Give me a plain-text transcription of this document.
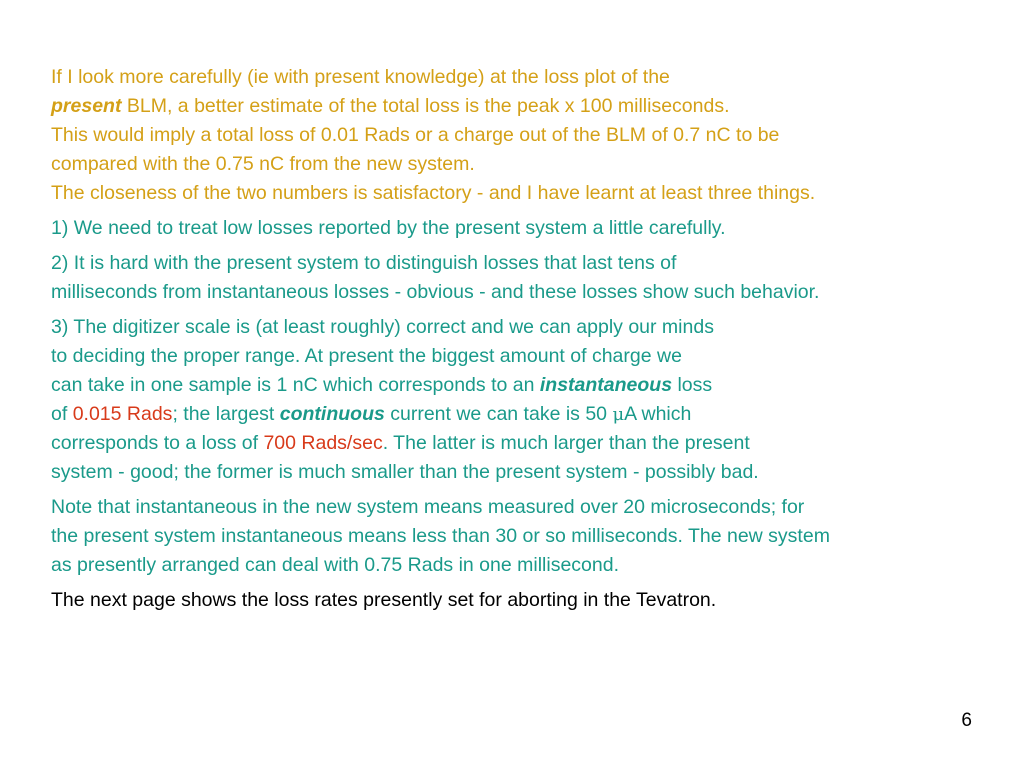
If I look more carefully (ie with present knowledge) at the loss plot of the
present BLM, a better estimate of the total loss is the peak x 100 milliseconds.
This would imply a total loss of 0.01 Rads or a charge out of the BLM of 0.7 nC to be
compared with the 0.75 nC from the new system.
The closeness of the two numbers is satisfactory - and I have learnt at least three things.
1) We need to treat low losses reported by the present system a little carefully.
2) It is hard with the present system to distinguish losses that last tens of
milliseconds from instantaneous losses - obvious - and these losses show such behavior.
3) The digitizer scale is (at least roughly) correct and we can apply our minds
to deciding the proper range. At present the biggest amount of charge we
can take in one sample is 1 nC which corresponds to an instantaneous loss
of 0.015 Rads; the largest continuous current we can take is 50 μA which
corresponds to a loss of 700 Rads/sec. The latter is much larger than the present
system - good; the former is much smaller than the present system - possibly bad.
Note that instantaneous in the new system means measured over 20 microseconds; for
the present system instantaneous means less than 30 or so milliseconds. The new system
as presently arranged can deal with 0.75 Rads in one millisecond.
The next page shows the loss rates presently set for aborting in the Tevatron.
6
